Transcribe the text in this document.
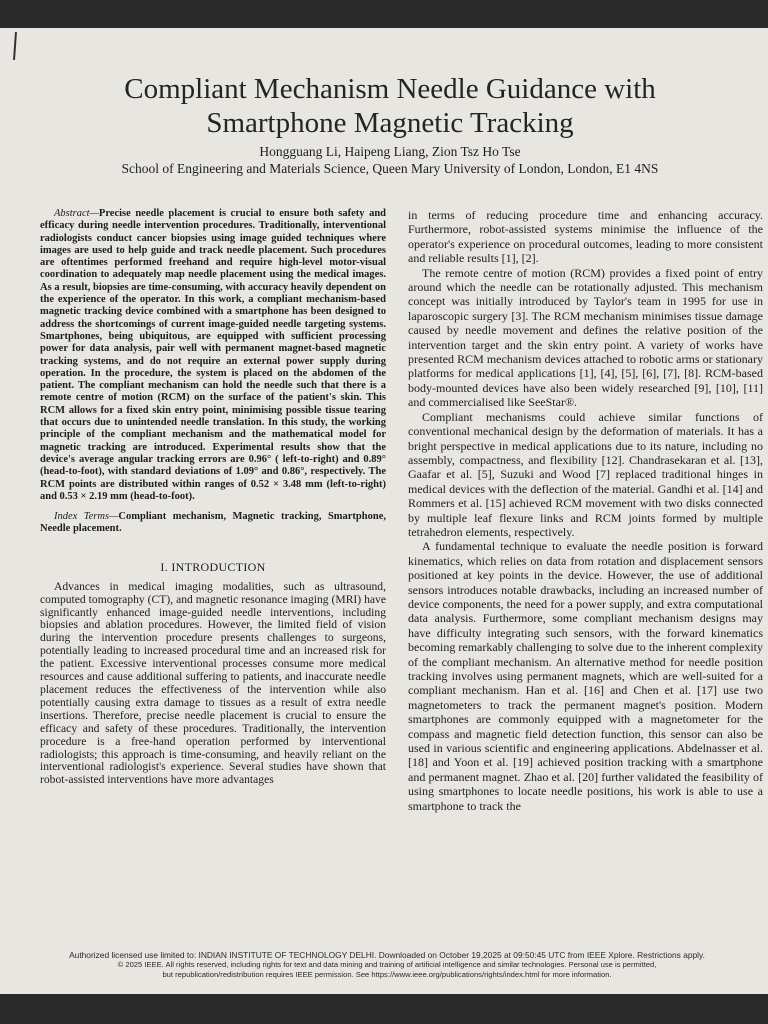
Compliant Mechanism Needle Guidance with Smartphone Magnetic Tracking
Hongguang Li, Haipeng Liang, Zion Tsz Ho Tse
School of Engineering and Materials Science, Queen Mary University of London, London, E1 4NS

Abstract—Precise needle placement is crucial to ensure both safety and efficacy during needle intervention procedures. Traditionally, interventional radiologists conduct cancer biopsies using image guided techniques where images are used to help guide and track needle placement. Such procedures are oftentimes performed freehand and require high-level motor-visual coordination to adequately map needle placement using the medical images. As a result, biopsies are time-consuming, with accuracy heavily dependent on the experience of the operator. In this work, a compliant mechanism-based magnetic tracking device combined with a smartphone has been designed to address the shortcomings of current image-guided needle targeting systems. Smartphones, being ubiquitous, are equipped with sufficient processing power for data analysis, pair well with permanent magnet-based magnetic tracking systems, and do not require an external power supply during operation. In the procedure, the system is placed on the abdomen of the patient. The compliant mechanism can hold the needle such that there is a remote centre of motion (RCM) on the surface of the patient's skin. This RCM allows for a fixed skin entry point, minimising possible tissue tearing that occurs due to unintended needle translation. In this study, the working principle of the compliant mechanism and the mathematical model for magnetic tracking are introduced. Experimental results show that the device's average angular tracking errors are 0.96° ( left-to-right) and 0.89° (head-to-foot), with standard deviations of 1.09° and 0.86°, respectively. The RCM points are distributed within ranges of 0.52 × 3.48 mm (left-to-right) and 0.53 × 2.19 mm (head-to-foot).

Index Terms—Compliant mechanism, Magnetic tracking, Smartphone, Needle placement.

I. INTRODUCTION

Advances in medical imaging modalities, such as ultrasound, computed tomography (CT), and magnetic resonance imaging (MRI) have significantly enhanced image-guided needle interventions, including biopsies and ablation procedures. However, the limited field of vision during the intervention procedure presents challenges to surgeons, potentially leading to increased procedural time and an increased risk for the patient. Excessive interventional processes consume more medical resources and cause additional suffering to patients, and inaccurate needle placement reduces the effectiveness of the intervention while also potentially causing extra damage to tissues as a result of extra needle insertions. Therefore, precise needle placement is crucial to ensure the efficacy and safety of these procedures. Traditionally, the intervention procedure is a free-hand operation performed by interventional radiologists; this approach is time-consuming, and heavily reliant on the interventional radiologist's experience. Several studies have shown that robot-assisted interventions have more advantages

in terms of reducing procedure time and enhancing accuracy. Furthermore, robot-assisted systems minimise the influence of the operator's experience on procedural outcomes, leading to more consistent and reliable results [1], [2].

The remote centre of motion (RCM) provides a fixed point of entry around which the needle can be rotationally adjusted. This mechanism concept was initially introduced by Taylor's team in 1995 for use in laparoscopic surgery [3]. The RCM mechanism minimises tissue damage caused by needle movement and defines the relative position of the intervention target and the skin entry point. A variety of works have presented RCM mechanism devices attached to robotic arms or stationary platforms for medical applications [1], [4], [5], [6], [7], [8]. RCM-based body-mounted devices have also been widely researched [9], [10], [11] and commercialised like SeeStar®.

Compliant mechanisms could achieve similar functions of conventional mechanical design by the deformation of materials. It has a bright perspective in medical applications due to its nature, including no assembly, compactness, and flexibility [12]. Chandrasekaran et al. [13], Gaafar et al. [5], Suzuki and Wood [7] replaced traditional hinges in medical devices with the deflection of the material. Gandhi et al. [14] and Rommers et al. [15] achieved RCM movement with two disks connected by multiple leaf flexure links and RCM joints formed by multiple tetrahedron elements, respectively.

A fundamental technique to evaluate the needle position is forward kinematics, which relies on data from rotation and displacement sensors positioned at key points in the device. However, the use of additional sensors introduces notable drawbacks, including an increased number of device components, the need for a power supply, and extra computational data analysis. Furthermore, some compliant mechanism designs may have difficulty integrating such sensors, with the forward kinematics becoming remarkably challenging to solve due to the inherent complexity of the compliant mechanism. An alternative method for needle position tracking involves using permanent magnets, which are well-suited for a compliant mechanism. Han et al. [16] and Chen et al. [17] use two magnetometers to track the permanent magnet's position. Modern smartphones are commonly equipped with a magnetometer for the compass and magnetic field detection function, this sensor can also be used in various scientific and engineering applications. Abdelnasser et al. [18] and Yoon et al. [19] achieved position tracking with a smartphone and permanent magnet. Zhao et al. [20] further validated the feasibility of using smartphones to locate needle positions, his work is able to use a smartphone to track the

Authorized licensed use limited to: INDIAN INSTITUTE OF TECHNOLOGY DELHI. Downloaded on October 19,2025 at 09:50:45 UTC from IEEE Xplore. Restrictions apply.
© 2025 IEEE. All rights reserved, including rights for text and data mining and training of artificial intelligence and similar technologies. Personal use is permitted,
but republication/redistribution requires IEEE permission. See https://www.ieee.org/publications/rights/index.html for more information.
